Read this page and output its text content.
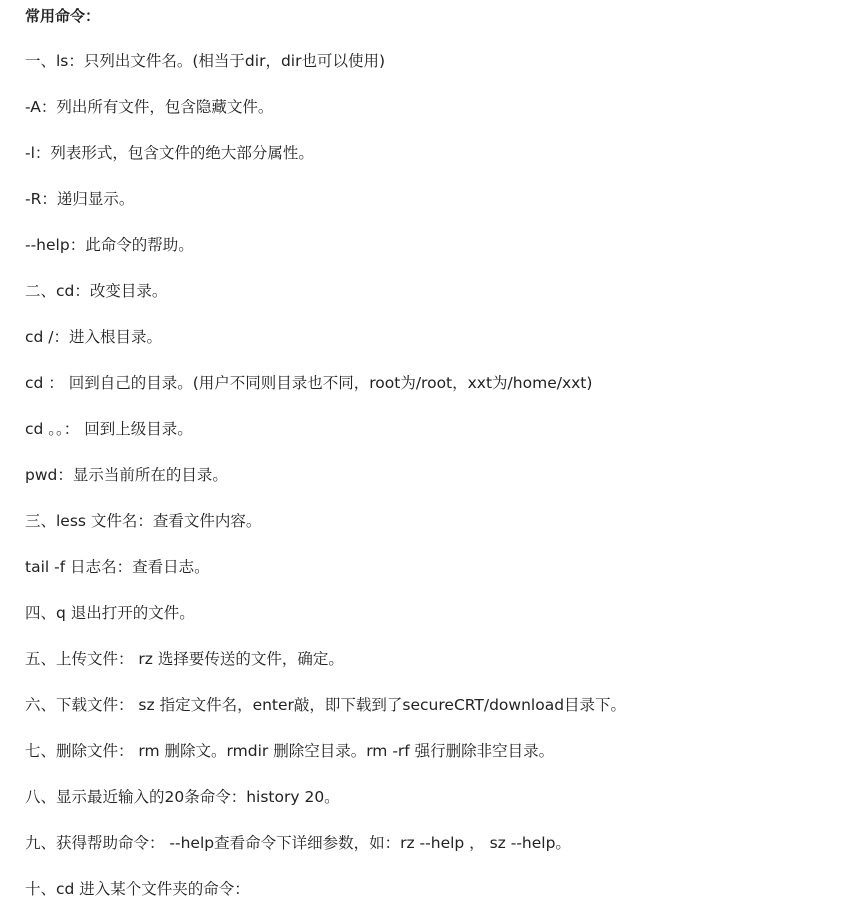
常用命令：
一、ls：只列出文件名。(相当于dir，dir也可以使用)
-A：列出所有文件，包含隐藏文件。
-l：列表形式，包含文件的绝大部分属性。
-R：递归显示。
--help：此命令的帮助。
二、cd：改变目录。
cd /：进入根目录。
cd ： 回到自己的目录。(用户不同则目录也不同，root为/root，xxt为/home/xxt)
cd 。。： 回到上级目录。
pwd：显示当前所在的目录。
三、less 文件名：查看文件内容。
tail -f 日志名：查看日志。
四、q 退出打开的文件。
五、上传文件： rz 选择要传送的文件，确定。
六、下载文件： sz 指定文件名，enter敲，即下载到了secureCRT/download目录下。
七、删除文件： rm 删除文。rmdir 删除空目录。rm -rf 强行删除非空目录。
八、显示最近输入的20条命令：history 20。
九、获得帮助命令： --help查看命令下详细参数，如：rz --help ， sz --help。
十、cd 进入某个文件夹的命令：
